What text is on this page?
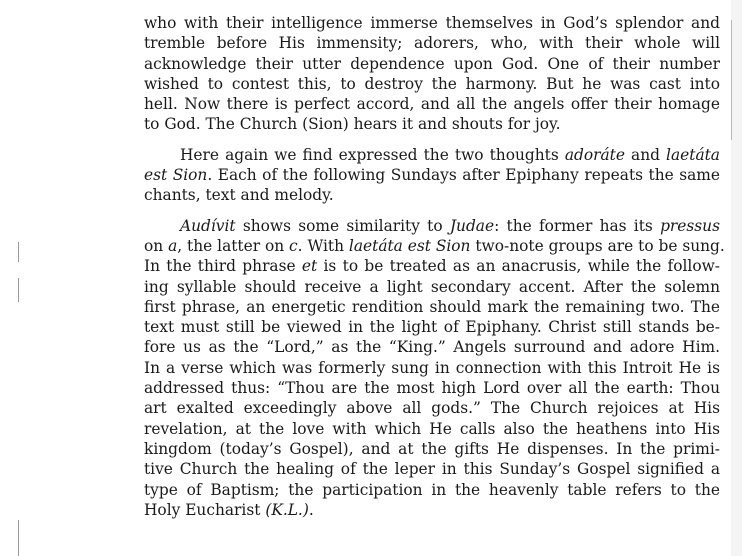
who with their intelligence immerse themselves in God’s splendor and
tremble before His immensity; adorers, who, with their whole will
acknowledge their utter dependence upon God. One of their number
wished to contest this, to destroy the harmony. But he was cast into
hell. Now there is perfect accord, and all the angels offer their homage
to God. The Church (Sion) hears it and shouts for joy.
Here again we find expressed the two thoughts adoráte and laetáta
est Sion. Each of the following Sundays after Epiphany repeats the same
chants, text and melody.
Audívit shows some similarity to Judae: the former has its pressus
on a, the latter on c. With laetáta est Sion two-note groups are to be sung.
In the third phrase et is to be treated as an anacrusis, while the follow-
ing syllable should receive a light secondary accent. After the solemn
first phrase, an energetic rendition should mark the remaining two. The
text must still be viewed in the light of Epiphany. Christ still stands be-
fore us as the “Lord,” as the “King.” Angels surround and adore Him.
In a verse which was formerly sung in connection with this Introit He is
addressed thus: “Thou are the most high Lord over all the earth: Thou
art exalted exceedingly above all gods.” The Church rejoices at His
revelation, at the love with which He calls also the heathens into His
kingdom (today’s Gospel), and at the gifts He dispenses. In the primi-
tive Church the healing of the leper in this Sunday’s Gospel signified a
type of Baptism; the participation in the heavenly table refers to the
Holy Eucharist (K.L.).
